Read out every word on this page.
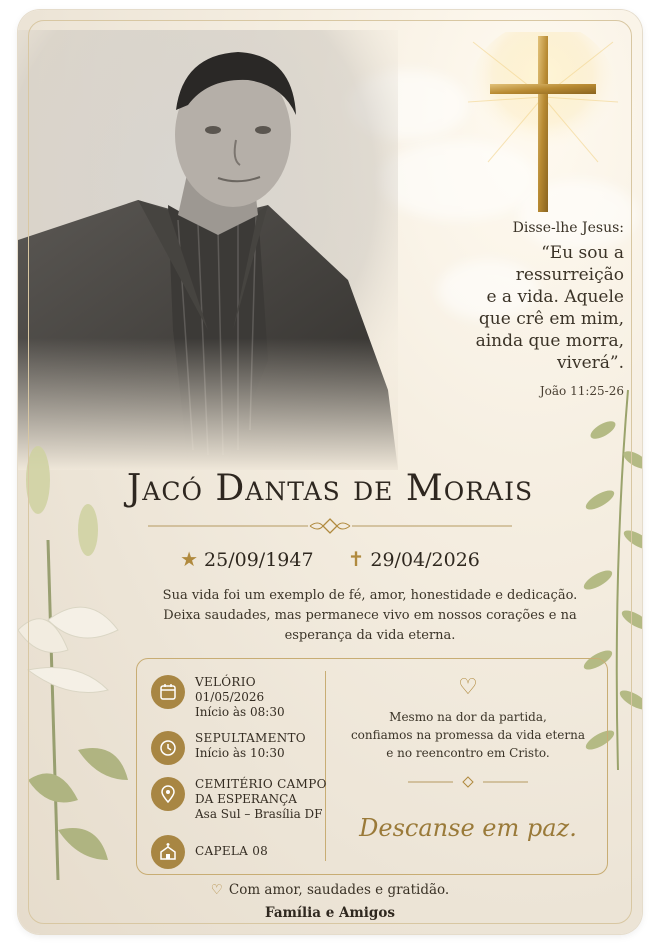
Disse-lhe Jesus:
“Eu sou a
ressurreição
e a vida. Aquele
que crê em mim,
ainda que morra,
viverá”.
João 11:25-26
Jacó Dantas de Morais
★ 25/09/1947 ✝ 29/04/2026
Sua vida foi um exemplo de fé, amor, honestidade e dedicação. Deixa saudades, mas permanece vivo em nossos corações e na esperança da vida eterna.
VELÓRIO
01/05/2026
Início às 08:30
SEPULTAMENTO
Início às 10:30
CEMITÉRIO CAMPO
DA ESPERANÇA
Asa Sul – Brasília DF
CAPELA 08
♡
Mesmo na dor da partida,
confiamos na promessa da vida eterna
e no reencontro em Cristo.
Descanse em paz.
♡ Com amor, saudades e gratidão.
Família e Amigos
